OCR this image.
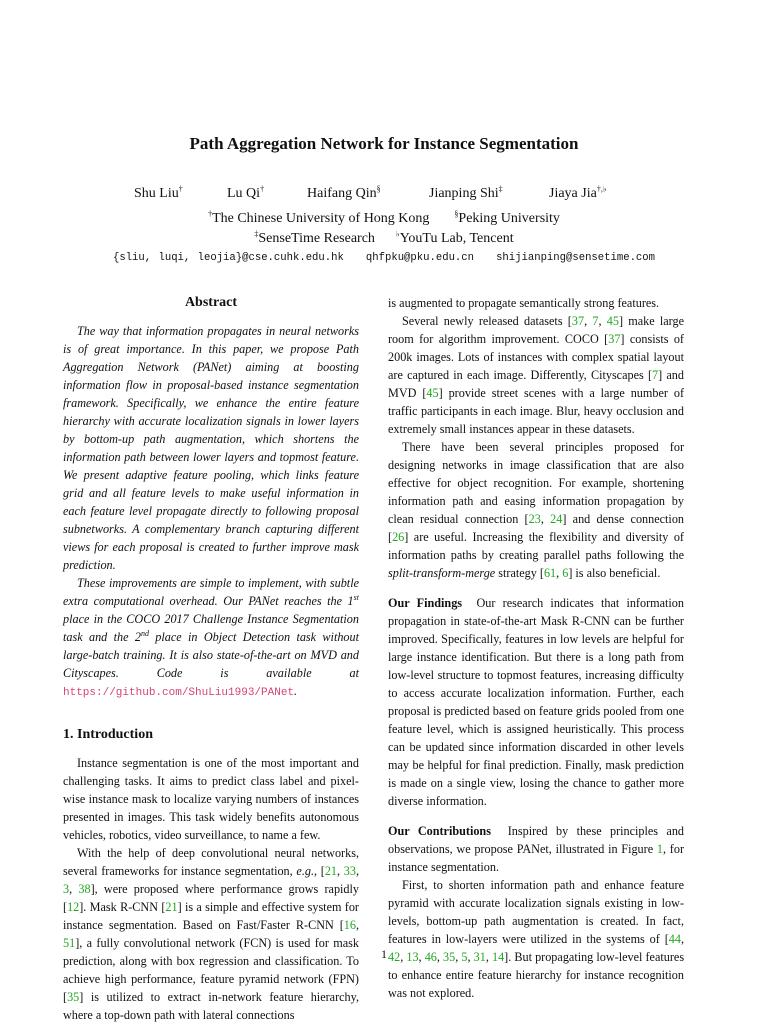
Path Aggregation Network for Instance Segmentation
Shu Liu†	Lu Qi†	Haifang Qin§	Jianping Shi‡	Jiaya Jia†,♭
†The Chinese University of Hong Kong	§Peking University
‡SenseTime Research	♭YouTu Lab, Tencent
{sliu, luqi, leojia}@cse.cuhk.edu.hk   qhfpku@pku.edu.cn   shijianping@sensetime.com
Abstract

The way that information propagates in neural networks is of great importance. In this paper, we propose Path Aggregation Network (PANet) aiming at boosting information flow in proposal-based instance segmentation framework. Specifically, we enhance the entire feature hierarchy with accurate localization signals in lower layers by bottom-up path augmentation, which shortens the information path between lower layers and topmost feature. We present adaptive feature pooling, which links feature grid and all feature levels to make useful information in each feature level propagate directly to following proposal subnetworks. A complementary branch capturing different views for each proposal is created to further improve mask prediction.

These improvements are simple to implement, with subtle extra computational overhead. Our PANet reaches the 1st place in the COCO 2017 Challenge Instance Segmentation task and the 2nd place in Object Detection task without large-batch training. It is also state-of-the-art on MVD and Cityscapes. Code is available at https://github.com/ShuLiu1993/PANet.

1. Introduction

Instance segmentation is one of the most important and challenging tasks. It aims to predict class label and pixel-wise instance mask to localize varying numbers of instances presented in images. This task widely benefits autonomous vehicles, robotics, video surveillance, to name a few.

With the help of deep convolutional neural networks, several frameworks for instance segmentation, e.g., [21, 33, 3, 38], were proposed where performance grows rapidly [12]. Mask R-CNN [21] is a simple and effective system for instance segmentation. Based on Fast/Faster R-CNN [16, 51], a fully convolutional network (FCN) is used for mask prediction, along with box regression and classification. To achieve high performance, feature pyramid network (FPN) [35] is utilized to extract in-network feature hierarchy, where a top-down path with lateral connections

is augmented to propagate semantically strong features.

Several newly released datasets [37, 7, 45] make large room for algorithm improvement. COCO [37] consists of 200k images. Lots of instances with complex spatial layout are captured in each image. Differently, Cityscapes [7] and MVD [45] provide street scenes with a large number of traffic participants in each image. Blur, heavy occlusion and extremely small instances appear in these datasets.

There have been several principles proposed for designing networks in image classification that are also effective for object recognition. For example, shortening information path and easing information propagation by clean residual connection [23, 24] and dense connection [26] are useful. Increasing the flexibility and diversity of information paths by creating parallel paths following the split-transform-merge strategy [61, 6] is also beneficial.

Our Findings Our research indicates that information propagation in state-of-the-art Mask R-CNN can be further improved. Specifically, features in low levels are helpful for large instance identification. But there is a long path from low-level structure to topmost features, increasing difficulty to access accurate localization information. Further, each proposal is predicted based on feature grids pooled from one feature level, which is assigned heuristically. This process can be updated since information discarded in other levels may be helpful for final prediction. Finally, mask prediction is made on a single view, losing the chance to gather more diverse information.

Our Contributions Inspired by these principles and observations, we propose PANet, illustrated in Figure 1, for instance segmentation.

First, to shorten information path and enhance feature pyramid with accurate localization signals existing in low-levels, bottom-up path augmentation is created. In fact, features in low-layers were utilized in the systems of [44, 42, 13, 46, 35, 5, 31, 14]. But propagating low-level features to enhance entire feature hierarchy for instance recognition was not explored.

1
